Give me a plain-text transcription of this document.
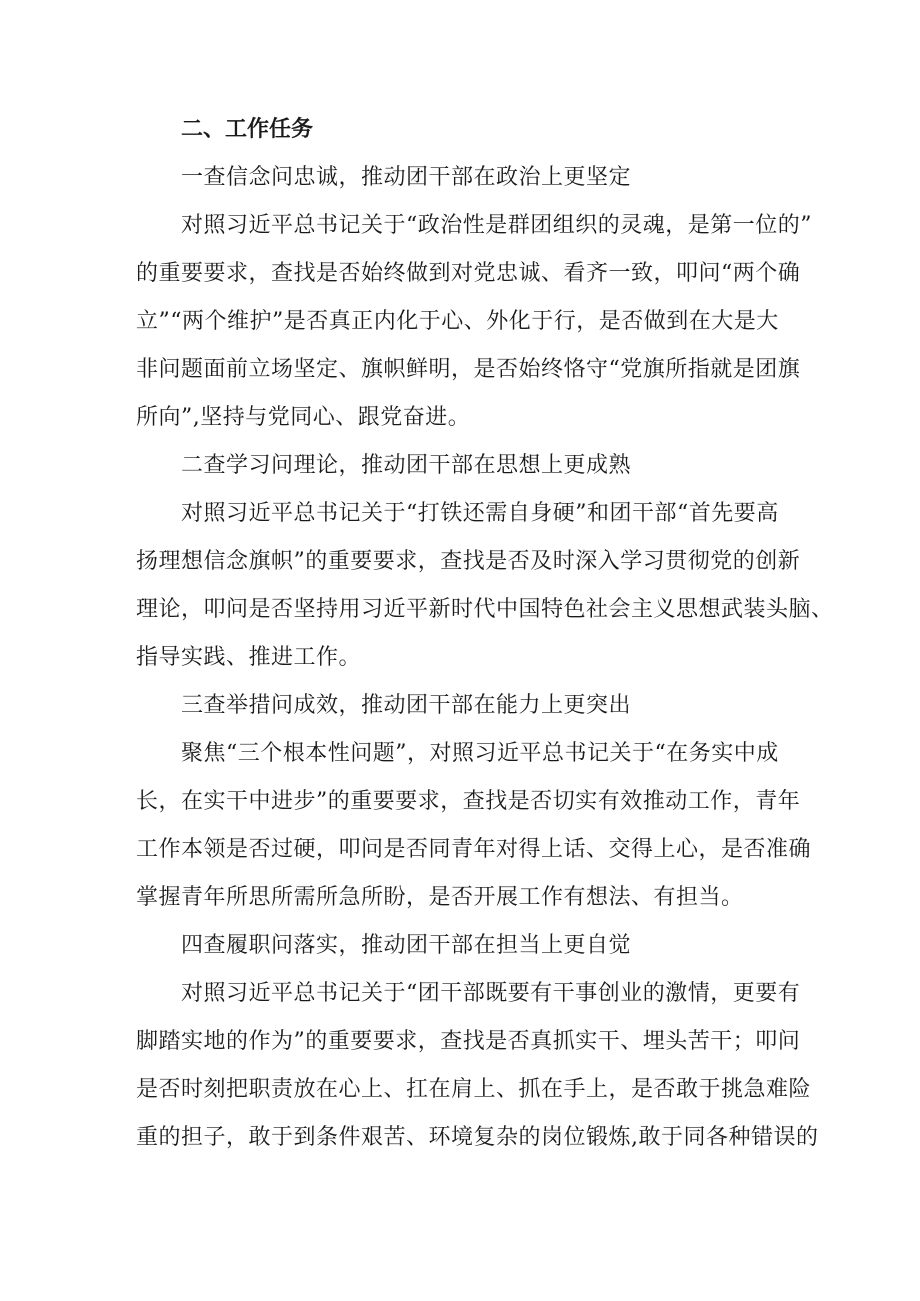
二、工作任务
一查信念问忠诚，推动团干部在政治上更坚定
对照习近平总书记关于“政治性是群团组织的灵魂，是第一位的”
的重要要求，查找是否始终做到对党忠诚、看齐一致，叩问“两个确
立”“两个维护”是否真正内化于心、外化于行，是否做到在大是大
非问题面前立场坚定、旗帜鲜明，是否始终恪守“党旗所指就是团旗
所向”,坚持与党同心、跟党奋进。
二查学习问理论，推动团干部在思想上更成熟
对照习近平总书记关于“打铁还需自身硬”和团干部“首先要高
扬理想信念旗帜”的重要要求，查找是否及时深入学习贯彻党的创新
理论，叩问是否坚持用习近平新时代中国特色社会主义思想武装头脑、
指导实践、推进工作。
三查举措问成效，推动团干部在能力上更突出
聚焦“三个根本性问题”，对照习近平总书记关于“在务实中成
长，在实干中进步”的重要要求，查找是否切实有效推动工作，青年
工作本领是否过硬，叩问是否同青年对得上话、交得上心，是否准确
掌握青年所思所需所急所盼，是否开展工作有想法、有担当。
四查履职问落实，推动团干部在担当上更自觉
对照习近平总书记关于“团干部既要有干事创业的激情，更要有
脚踏实地的作为”的重要要求，查找是否真抓实干、埋头苦干；叩问
是否时刻把职责放在心上、扛在肩上、抓在手上，是否敢于挑急难险
重的担子，敢于到条件艰苦、环境复杂的岗位锻炼,敢于同各种错误的
